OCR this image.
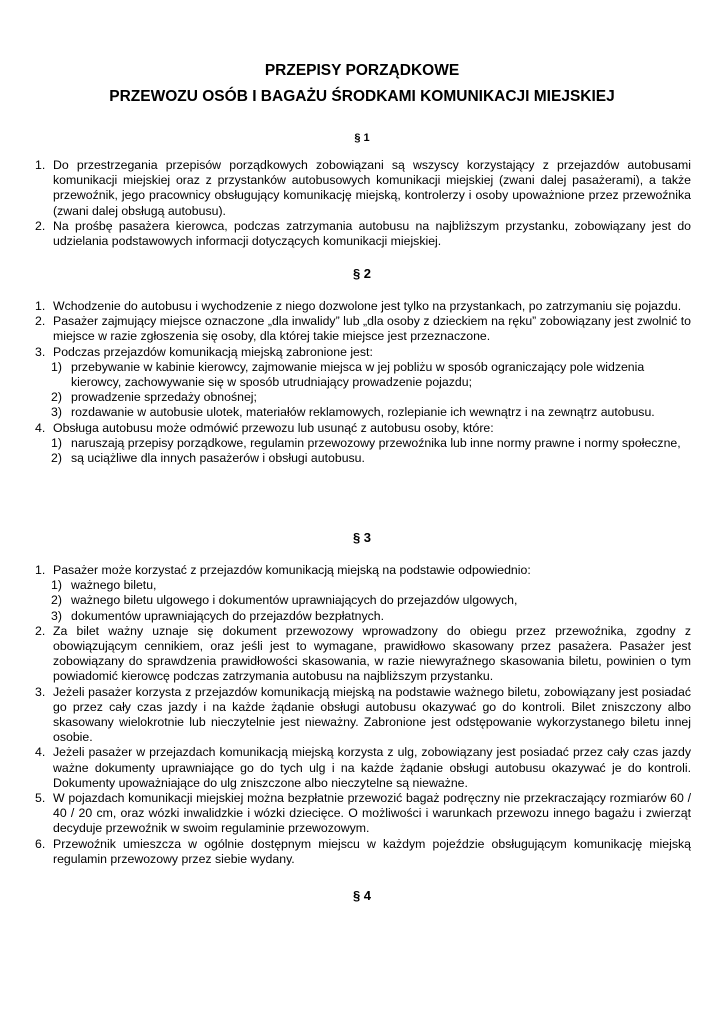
PRZEPISY PORZĄDKOWE
PRZEWOZU OSÓB I BAGAŻU ŚRODKAMI KOMUNIKACJI MIEJSKIEJ
§ 1
1. Do przestrzegania przepisów porządkowych zobowiązani są wszyscy korzystający z przejazdów autobusami komunikacji miejskiej oraz z przystanków autobusowych komunikacji miejskiej (zwani dalej pasażerami), a także przewoźnik, jego pracownicy obsługujący komunikację miejską, kontrolerzy i osoby upoważnione przez przewoźnika (zwani dalej obsługą autobusu).
2. Na prośbę pasażera kierowca, podczas zatrzymania autobusu na najbliższym przystanku, zobowiązany jest do udzielania podstawowych informacji dotyczących komunikacji miejskiej.
§ 2
1. Wchodzenie do autobusu i wychodzenie z niego dozwolone jest tylko na przystankach, po zatrzymaniu się pojazdu.
2. Pasażer zajmujący miejsce oznaczone „dla inwalidy” lub „dla osoby z dzieckiem na ręku” zobowiązany jest zwolnić to miejsce w razie zgłoszenia się osoby, dla której takie miejsce jest przeznaczone.
3. Podczas przejazdów komunikacją miejską zabronione jest:
1) przebywanie w kabinie kierowcy, zajmowanie miejsca w jej pobliżu w sposób ograniczający pole widzenia kierowcy, zachowywanie się w sposób utrudniający prowadzenie pojazdu;
2) prowadzenie sprzedaży obnośnej;
3) rozdawanie w autobusie ulotek, materiałów reklamowych, rozlepianie ich wewnątrz i na zewnątrz autobusu.
4. Obsługa autobusu może odmówić przewozu lub usunąć z autobusu osoby, które:
1) naruszają przepisy porządkowe, regulamin przewozowy przewoźnika lub inne normy prawne i normy społeczne,
2) są uciążliwe dla innych pasażerów i obsługi autobusu.
§ 3
1. Pasażer może korzystać z przejazdów komunikacją miejską na podstawie odpowiednio:
1) ważnego biletu,
2) ważnego biletu ulgowego i dokumentów uprawniających do przejazdów ulgowych,
3) dokumentów uprawniających do przejazdów bezpłatnych.
2. Za bilet ważny uznaje się dokument przewozowy wprowadzony do obiegu przez przewoźnika, zgodny z obowiązującym cennikiem, oraz jeśli jest to wymagane, prawidłowo skasowany przez pasażera. Pasażer jest zobowiązany do sprawdzenia prawidłowości skasowania, w razie niewyraźnego skasowania biletu, powinien o tym powiadomić kierowcę podczas zatrzymania autobusu na najbliższym przystanku.
3. Jeżeli pasażer korzysta z przejazdów komunikacją miejską na podstawie ważnego biletu, zobowiązany jest posiadać go przez cały czas jazdy i na każde żądanie obsługi autobusu okazywać go do kontroli. Bilet zniszczony albo skasowany wielokrotnie lub nieczytelnie jest nieważny. Zabronione jest odstępowanie wykorzystanego biletu innej osobie.
4. Jeżeli pasażer w przejazdach komunikacją miejską korzysta z ulg, zobowiązany jest posiadać przez cały czas jazdy ważne dokumenty uprawniające go do tych ulg i na każde żądanie obsługi autobusu okazywać je do kontroli. Dokumenty upoważniające do ulg zniszczone albo nieczytelne są nieważne.
5. W pojazdach komunikacji miejskiej można bezpłatnie przewozić bagaż podręczny nie przekraczający rozmiarów 60 / 40 / 20 cm, oraz wózki inwalidzkie i wózki dziecięce. O możliwości i warunkach przewozu innego bagażu i zwierząt decyduje przewoźnik w swoim regulaminie przewozowym.
6. Przewoźnik umieszcza w ogólnie dostępnym miejscu w każdym pojeździe obsługującym komunikację miejską regulamin przewozowy przez siebie wydany.
§ 4
